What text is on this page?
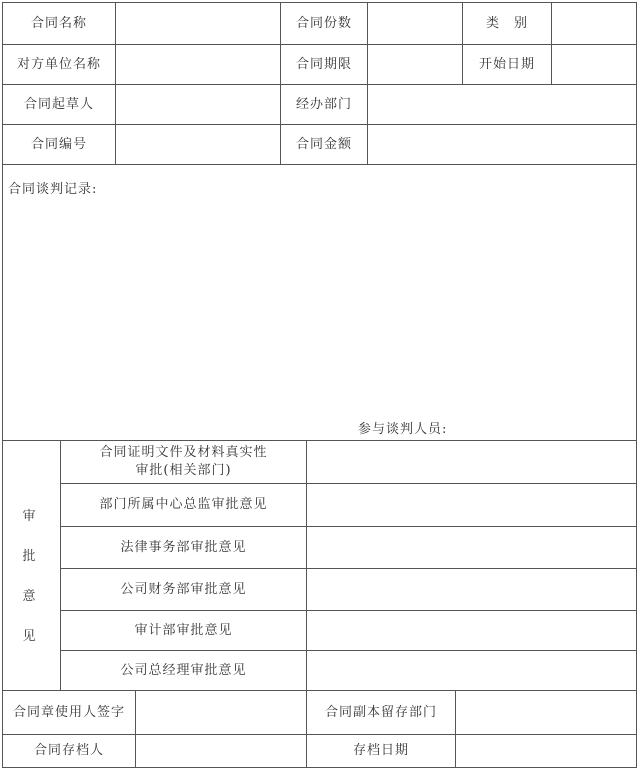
合同名称	合同份数	类　别
对方单位名称	合同期限	开始日期
合同起草人	经办部门
合同编号	合同金额
合同谈判记录:
参与谈判人员:
审
批
意
见
合同证明文件及材料真实性
审批(相关部门)
部门所属中心总监审批意见
法律事务部审批意见
公司财务部审批意见
审计部审批意见
公司总经理审批意见
合同章使用人签字	合同副本留存部门
合同存档人	存档日期
